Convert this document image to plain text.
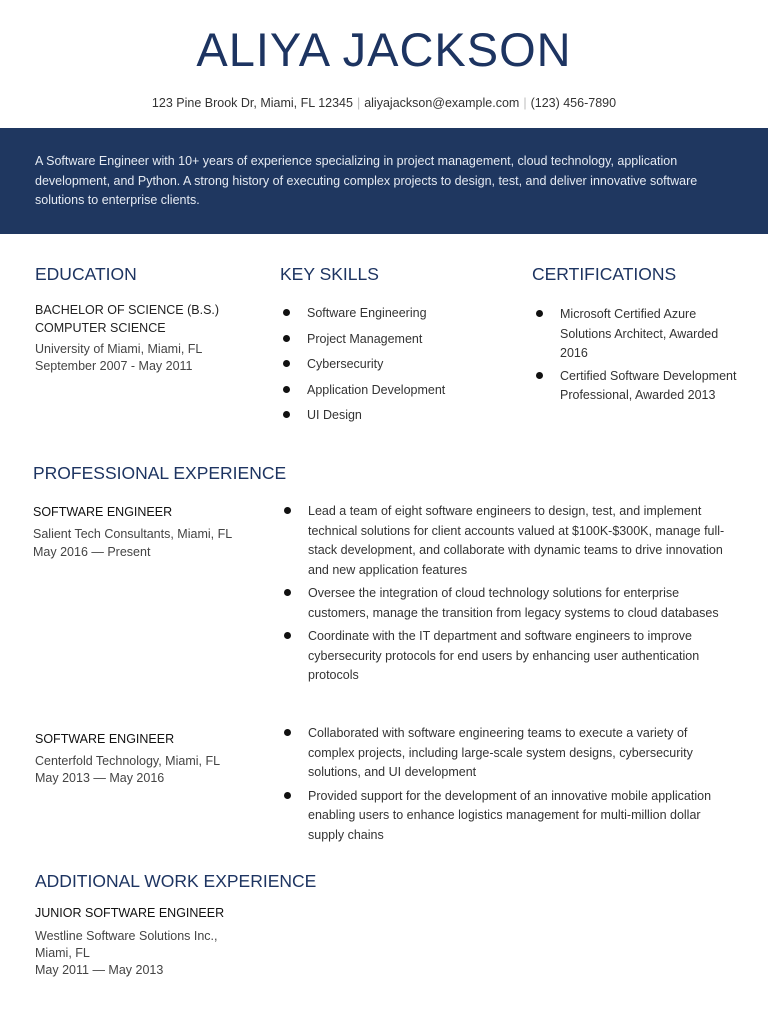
ALIYA JACKSON
123 Pine Brook Dr, Miami, FL 12345 | aliyajackson@example.com | (123) 456-7890
A Software Engineer with 10+ years of experience specializing in project management, cloud technology, application development, and Python. A strong history of executing complex projects to design, test, and deliver innovative software solutions to enterprise clients.
EDUCATION
BACHELOR OF SCIENCE (B.S.)
COMPUTER SCIENCE
University of Miami, Miami, FL
September 2007 - May 2011
KEY SKILLS
Software Engineering
Project Management
Cybersecurity
Application Development
UI Design
CERTIFICATIONS
Microsoft Certified Azure Solutions Architect, Awarded 2016
Certified Software Development Professional, Awarded 2013
PROFESSIONAL EXPERIENCE
SOFTWARE ENGINEER
Salient Tech Consultants, Miami, FL
May 2016 — Present
Lead a team of eight software engineers to design, test, and implement technical solutions for client accounts valued at $100K-$300K, manage full-stack development, and collaborate with dynamic teams to drive innovation and new application features
Oversee the integration of cloud technology solutions for enterprise customers, manage the transition from legacy systems to cloud databases
Coordinate with the IT department and software engineers to improve cybersecurity protocols for end users by enhancing user authentication protocols
SOFTWARE ENGINEER
Centerfold Technology, Miami, FL
May 2013 — May 2016
Collaborated with software engineering teams to execute a variety of complex projects, including large-scale system designs, cybersecurity solutions, and UI development
Provided support for the development of an innovative mobile application enabling users to enhance logistics management for multi-million dollar supply chains
ADDITIONAL WORK EXPERIENCE
JUNIOR SOFTWARE ENGINEER
Westline Software Solutions Inc.,
Miami, FL
May 2011 — May 2013
